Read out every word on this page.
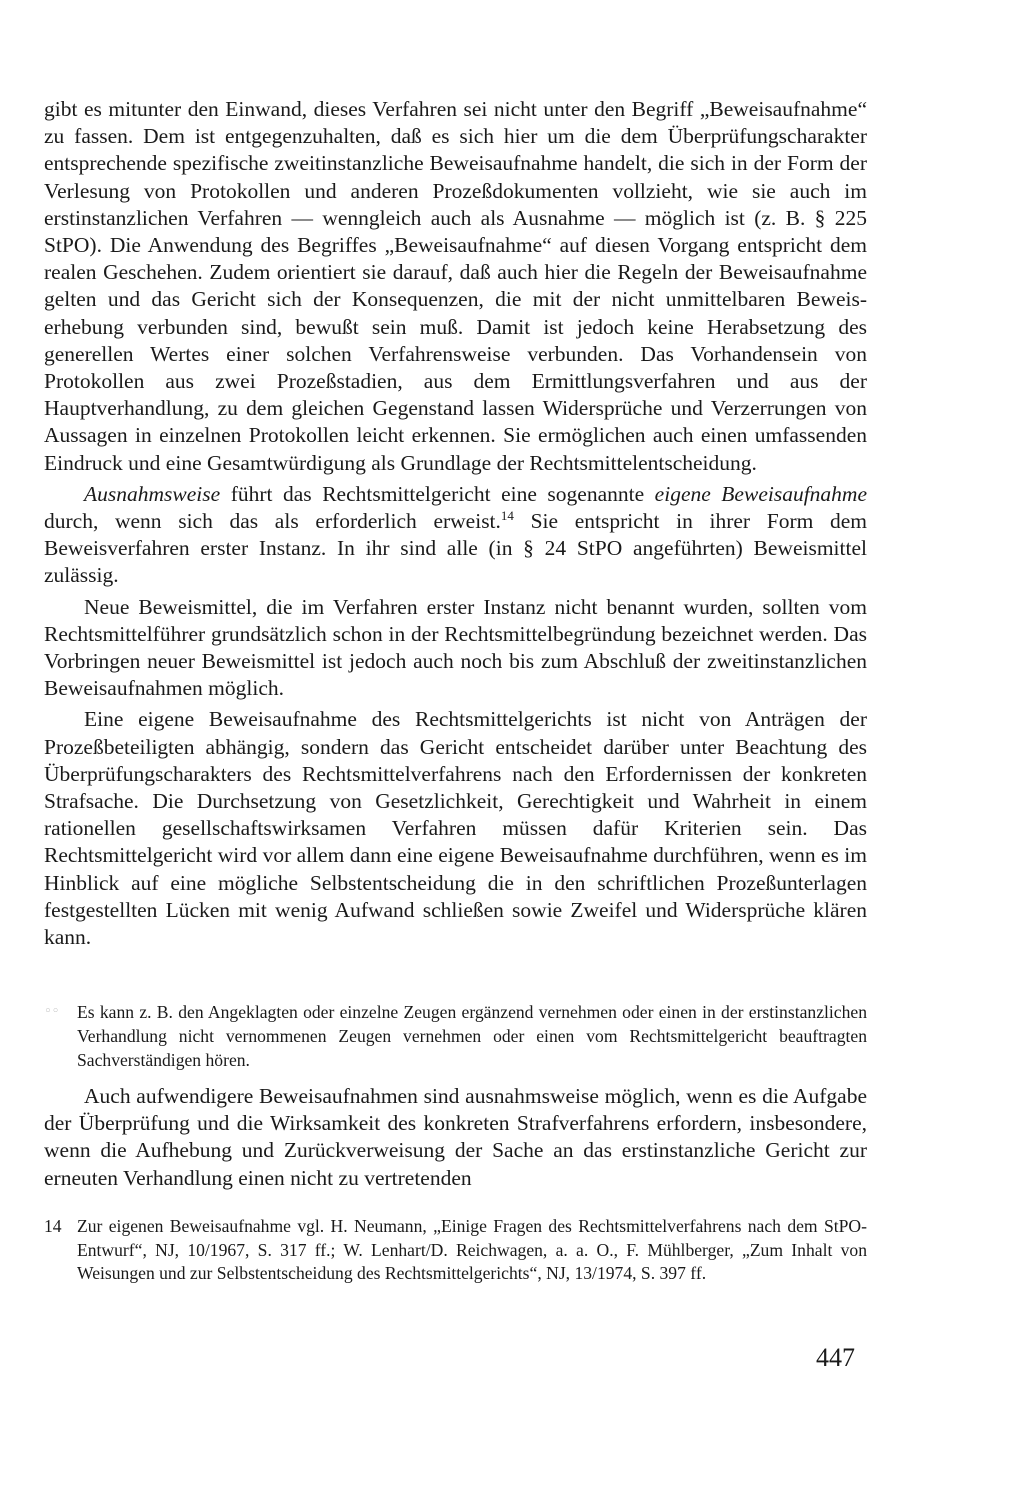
gibt es mitunter den Einwand, dieses Verfahren sei nicht unter den Begriff „Beweisaufnahme“ zu fassen. Dem ist entgegenzuhalten, daß es sich hier um die dem Überprüfungscharakter entsprechende spezifische zweitinstanzliche Beweisaufnahme handelt, die sich in der Form der Verlesung von Protokollen und anderen Prozeßdokumenten vollzieht, wie sie auch im erstinstanzlichen Verfahren — wenngleich auch als Ausnahme — möglich ist (z. B. § 225 StPO). Die Anwendung des Begriffes „Beweisaufnahme“ auf diesen Vorgang entspricht dem realen Geschehen. Zudem orientiert sie darauf, daß auch hier die Regeln der Beweisaufnahme gelten und das Gericht sich der Konsequenzen, die mit der nicht unmittelbaren Beweiserhebung verbunden sind, bewußt sein muß. Damit ist jedoch keine Herabsetzung des generellen Wertes einer solchen Verfahrensweise verbunden. Das Vorhandensein von Protokollen aus zwei Prozeßstadien, aus dem Ermittlungsverfahren und aus der Hauptverhandlung, zu dem gleichen Gegenstand lassen Widersprüche und Verzerrungen von Aussagen in einzelnen Protokollen leicht erkennen. Sie ermöglichen auch einen umfassenden Eindruck und eine Gesamtwürdigung als Grundlage der Rechtsmittelentscheidung.

Ausnahmsweise führt das Rechtsmittelgericht eine sogenannte eigene Beweisaufnahme durch, wenn sich das als erforderlich erweist.$^{14}$ Sie entspricht in ihrer Form dem Beweisverfahren erster Instanz. In ihr sind alle (in § 24 StPO angeführten) Beweismittel zulässig.

Neue Beweismittel, die im Verfahren erster Instanz nicht benannt wurden, sollten vom Rechtsmittelführer grundsätzlich schon in der Rechtsmittelbegründung bezeichnet werden. Das Vorbringen neuer Beweismittel ist jedoch auch noch bis zum Abschluß der zweitinstanzlichen Beweisaufnahmen möglich.

Eine eigene Beweisaufnahme des Rechtsmittelgerichts ist nicht von Anträgen der Prozeßbeteiligten abhängig, sondern das Gericht entscheidet darüber unter Beachtung des Überprüfungscharakters des Rechtsmittelverfahrens nach den Erfordernissen der konkreten Strafsache. Die Durchsetzung von Gesetzlichkeit, Gerechtigkeit und Wahrheit in einem rationellen gesellschaftswirksamen Verfahren müssen dafür Kriterien sein. Das Rechtsmittelgericht wird vor allem dann eine eigene Beweisaufnahme durchführen, wenn es im Hinblick auf eine mögliche Selbstentscheidung die in den schriftlichen Prozeßunterlagen festgestellten Lücken mit wenig Aufwand schließen sowie Zweifel und Widersprüche klären kann.

◦◦	Es kann z. B. den Angeklagten oder einzelne Zeugen ergänzend vernehmen oder einen in der erstinstanzlichen Verhandlung nicht vernommenen Zeugen vernehmen oder einen vom Rechtsmittelgericht beauftragten Sachverständigen hören.

Auch aufwendigere Beweisaufnahmen sind ausnahmsweise möglich, wenn es die Aufgabe der Überprüfung und die Wirksamkeit des konkreten Strafverfahrens erfordern, insbesondere, wenn die Aufhebung und Zurückverweisung der Sache an das erstinstanzliche Gericht zur erneuten Verhandlung einen nicht zu vertretenden

14 Zur eigenen Beweisaufnahme vgl. H. Neumann, „Einige Fragen des Rechtsmittelverfahrens nach dem StPO-Entwurf“, NJ, 10/1967, S. 317 ff.; W. Lenhart/D. Reichwagen, a. a. O., F. Mühlberger, „Zum Inhalt von Weisungen und zur Selbstentscheidung des Rechtsmittelgerichts“, NJ, 13/1974, S. 397 ff.
447
